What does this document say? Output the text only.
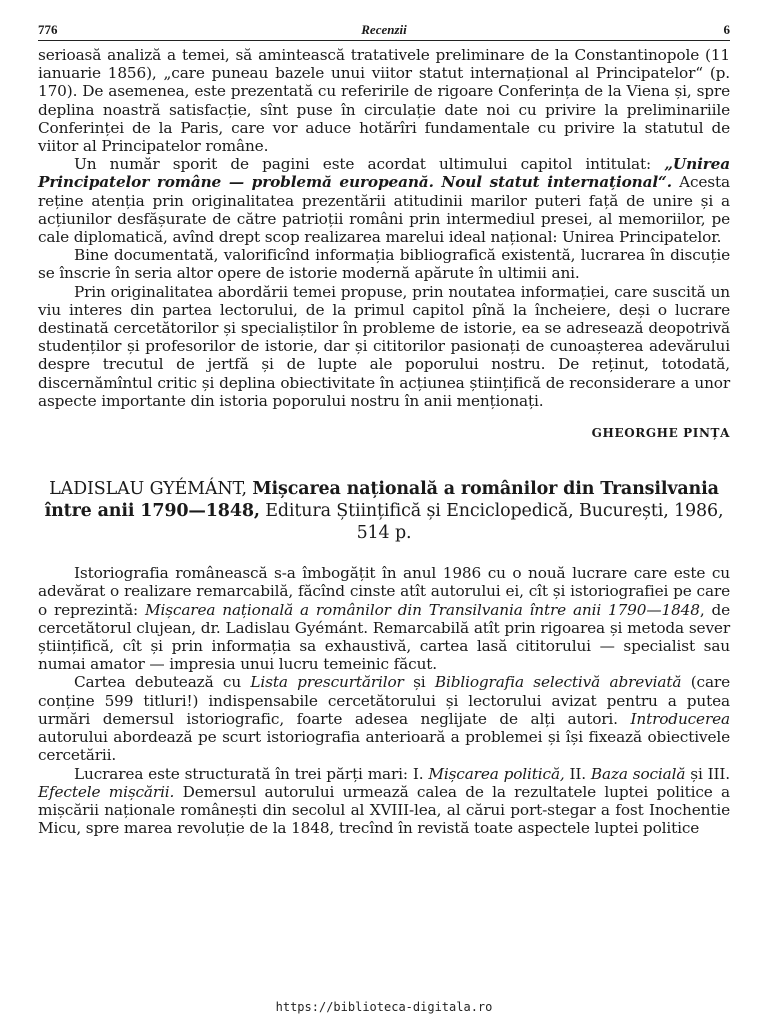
776	Recenzii	6

serioasă analiză a temei, să amintească tratativele preliminare de la Constantinopole (11 ianuarie 1856), „care puneau bazele unui viitor statut internațional al Principatelor“ (p. 170). De asemenea, este prezentată cu referirile de rigoare Conferința de la Viena și, spre deplina noastră satisfacție, sînt puse în circulație date noi cu privire la preliminariile Conferinței de la Paris, care vor aduce hotărîri fundamentale cu privire la statutul de viitor al Principatelor române.

Un număr sporit de pagini este acordat ultimului capitol intitulat: „Unirea Principatelor române — problemă europeană. Noul statut internațional“. Acesta reține atenția prin originalitatea prezentării atitudinii marilor puteri față de unire și a acțiunilor desfășurate de către patrioții români prin intermediul presei, al memoriilor, pe cale diplomatică, avînd drept scop realizarea marelui ideal național: Unirea Principatelor.

Bine documentată, valorificînd informația bibliografică existentă, lucrarea în discuție se înscrie în seria altor opere de istorie modernă apărute în ultimii ani.

Prin originalitatea abordării temei propuse, prin noutatea informației, care suscită un viu interes din partea lectorului, de la primul capitol pînă la încheiere, deși o lucrare destinată cercetătorilor și specialiștilor în probleme de istorie, ea se adresează deopotrivă studenților și profesorilor de istorie, dar și cititorilor pasionați de cunoașterea adevărului despre trecutul de jertfă și de lupte ale poporului nostru. De reținut, totodată, discernămîntul critic și deplina obiectivitate în acțiunea științifică de reconsiderare a unor aspecte importante din istoria poporului nostru în anii menționați.

GHEORGHE PINȚA
LADISLAU GYÉMÁNT, Mișcarea națională a românilor din Transilvania între anii 1790—1848, Editura Științifică și Enciclopedică, București, 1986, 514 p.

Istoriografia românească s-a îmbogățit în anul 1986 cu o nouă lucrare care este cu adevărat o realizare remarcabilă, făcînd cinste atît autorului ei, cît și istoriografiei pe care o reprezintă: Mișcarea națională a românilor din Transilvania între anii 1790—1848, de cercetătorul clujean, dr. Ladislau Gyémánt. Remarcabilă atît prin rigoarea și metoda sever științifică, cît și prin informația sa exhaustivă, cartea lasă cititorului — specialist sau numai amator — impresia unui lucru temeinic făcut.

Cartea debutează cu Lista prescurtărilor și Bibliografia selectivă abreviată (care conține 599 titluri!) indispensabile cercetătorului și lectorului avizat pentru a putea urmări demersul istoriografic, foarte adesea neglijate de alți autori. Introducerea autorului abordează pe scurt istoriografia anterioară a problemei și își fixează obiectivele cercetării.

Lucrarea este structurată în trei părți mari: I. Mișcarea politică, II. Baza socială și III. Efectele mișcării. Demersul autorului urmează calea de la rezultatele luptei politice a mișcării naționale românești din secolul al XVIII-lea, al cărui port-stegar a fost Inochentie Micu, spre marea revoluție de la 1848, trecînd în revistă toate aspectele luptei politice

https://biblioteca-digitala.ro
